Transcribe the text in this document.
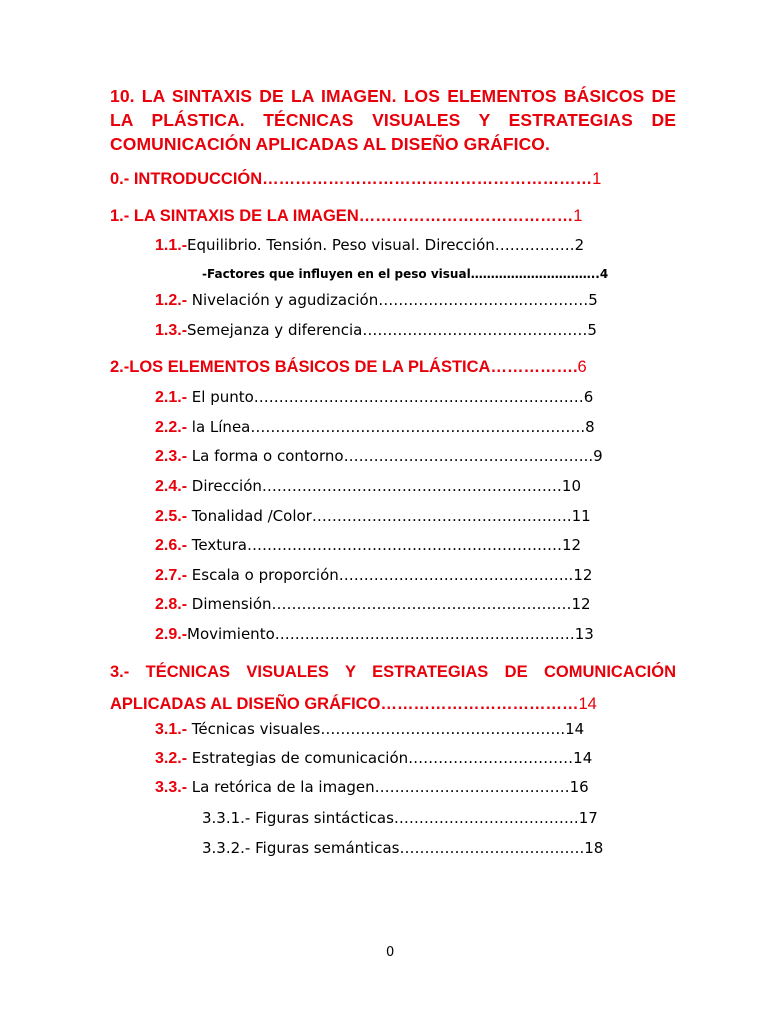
10. LA SINTAXIS DE LA IMAGEN. LOS ELEMENTOS BÁSICOS DE LA PLÁSTICA. TÉCNICAS VISUALES Y ESTRATEGIAS DE COMUNICACIÓN APLICADAS AL DISEÑO GRÁFICO.
0.- INTRODUCCIÓN……………………………………………………1
1.- LA SINTAXIS DE LA IMAGEN…………………………………1
1.1.-Equilibrio. Tensión. Peso visual. Dirección…………….2
-Factores que influyen en el peso visual…………………………..4
1.2.- Nivelación y agudización……………………………………5
1.3.-Semejanza y diferencia………………………………………5
2.-LOS ELEMENTOS BÁSICOS DE LA PLÁSTICA…………….6
2.1.- El punto…………………………………………………………6
2.2.- la Línea………………………………………………………….8
2.3.- La forma o contorno…………………………………………..9
2.4.- Dirección……………………………………………………10
2.5.- Tonalidad /Color…………………………………………….11
2.6.- Textura………………………………………………………12
2.7.- Escala o proporción………………………………………..12
2.8.- Dimensión……………………………………………………12
2.9.-Movimiento……………………………………………………13
3.- TÉCNICAS VISUALES Y ESTRATEGIAS DE COMUNICACIÓN APLICADAS AL DISEÑO GRÁFICO………………………………14
3.1.- Técnicas visuales………………………………………….14
3.2.- Estrategias de comunicación……………………………14
3.3.- La retórica de la imagen…………………………………16
3.3.1.- Figuras sintácticas……………………………….17
3.3.2.- Figuras semánticas……………………………….18
0
